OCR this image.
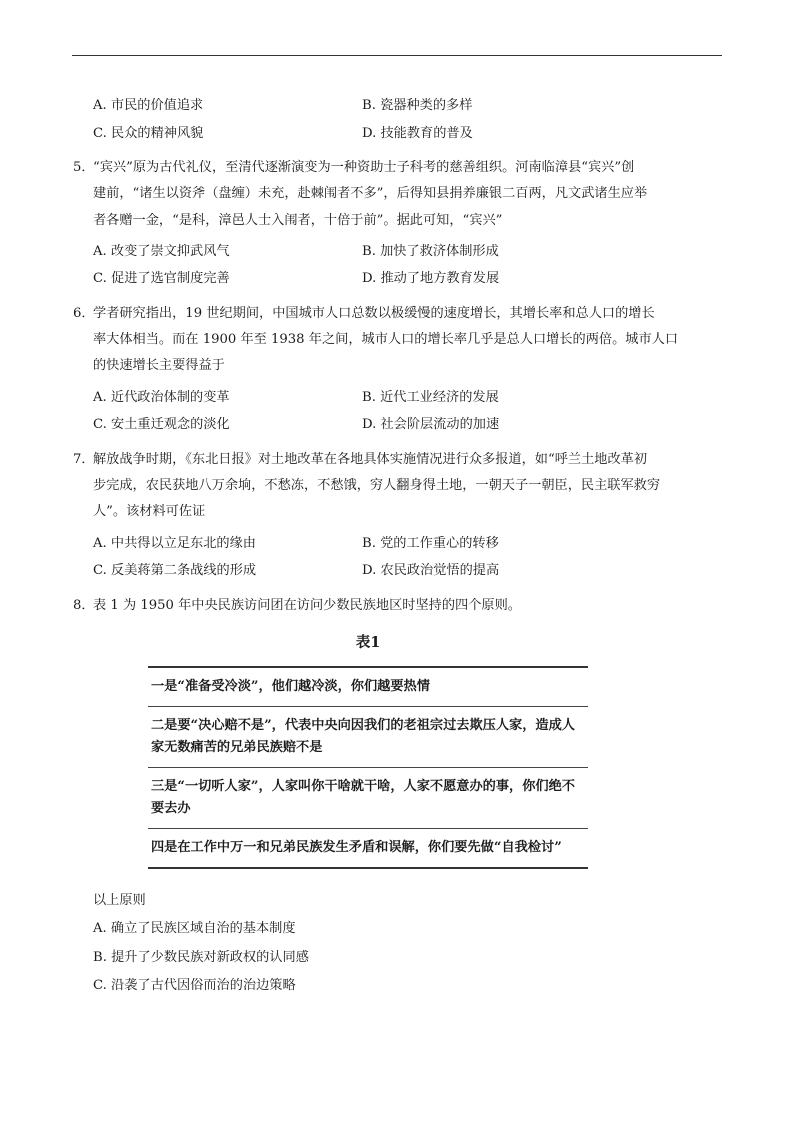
A. 市民的价值追求	B. 瓷器种类的多样
C. 民众的精神风貌	D. 技能教育的普及
5．
“宾兴”原为古代礼仪，至清代逐渐演变为一种资助士子科考的慈善组织。河南临漳县“宾兴”创
建前，“诸生以资斧（盘缠）未充，赴棘闱者不多”，后得知县捐养廉银二百两，凡文武诸生应举
者各赠一金，“是科，漳邑人士入闱者，十倍于前”。据此可知，“宾兴”
A. 改变了崇文抑武风气	B. 加快了救济体制形成
C. 促进了选官制度完善	D. 推动了地方教育发展
6．
学者研究指出，19 世纪期间，中国城市人口总数以极缓慢的速度增长，其增长率和总人口的增长
率大体相当。而在 1900 年至 1938 年之间，城市人口的增长率几乎是总人口增长的两倍。城市人口
的快速增长主要得益于
A. 近代政治体制的变革	B. 近代工业经济的发展
C. 安土重迁观念的淡化	D. 社会阶层流动的加速
7．
解放战争时期，《东北日报》对土地改革在各地具体实施情况进行众多报道，如“呼兰土地改革初
步完成，农民获地八万余垧，不愁冻，不愁饿，穷人翻身得土地，一朝天子一朝臣，民主联军救穷
人”。该材料可佐证
A. 中共得以立足东北的缘由	B. 党的工作重心的转移
C. 反美蒋第二条战线的形成	D. 农民政治觉悟的提高
8．
表 1 为 1950 年中央民族访问团在访问少数民族地区时坚持的四个原则。
表1
一是“准备受冷淡”，他们越冷淡，你们越要热情
二是要“决心赔不是”，代表中央向因我们的老祖宗过去欺压人家，造成人家无数痛苦的兄弟民族赔不是
三是“一切听人家”，人家叫你干啥就干啥，人家不愿意办的事，你们绝不要去办
四是在工作中万一和兄弟民族发生矛盾和误解，你们要先做“自我检讨”
以上原则
A. 确立了民族区域自治的基本制度
B. 提升了少数民族对新政权的认同感
C. 沿袭了古代因俗而治的治边策略
